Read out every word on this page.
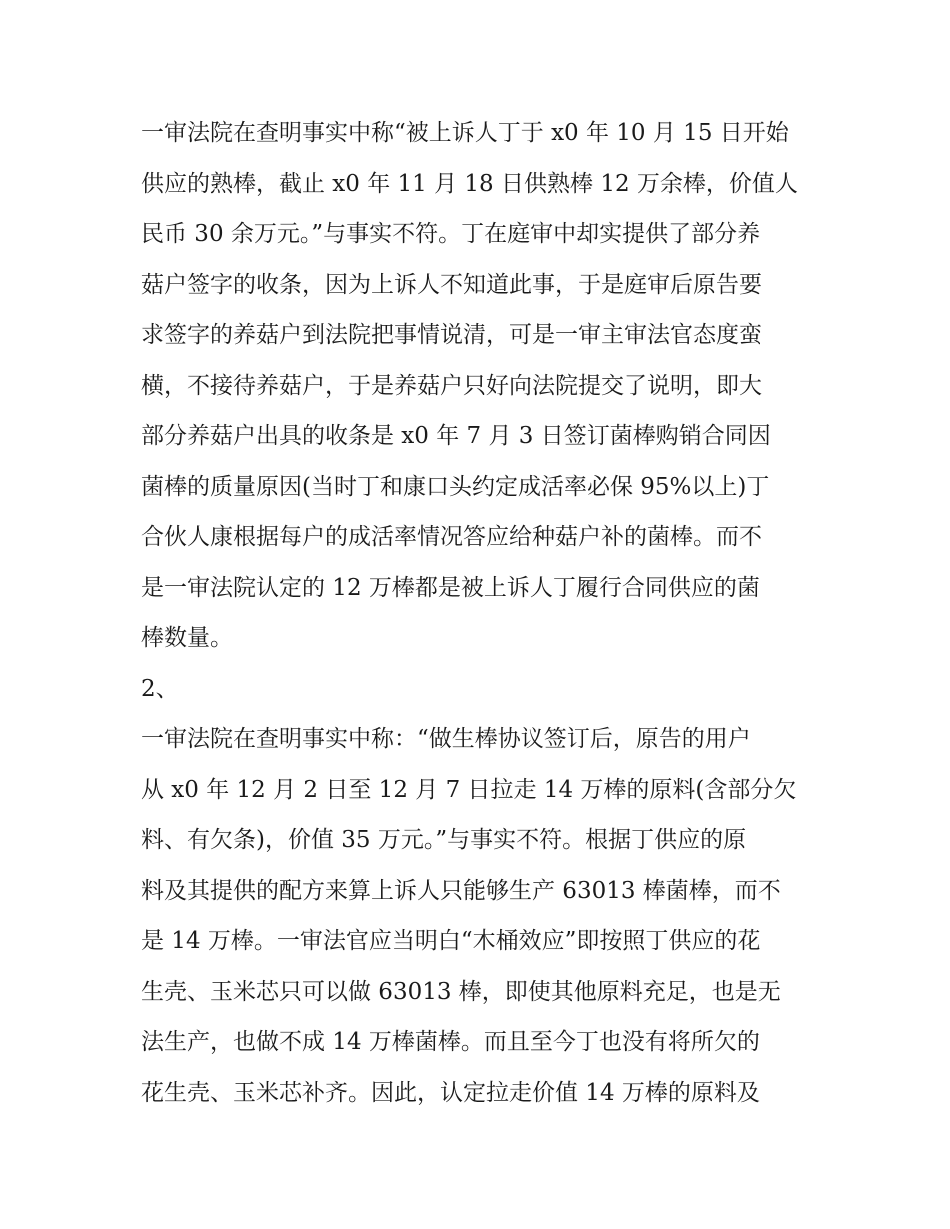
一审法院在查明事实中称“被上诉人丁于 x0 年 10 月 15 日开始
供应的熟棒，截止 x0 年 11 月 18 日供熟棒 12 万余棒，价值人
民币 30 余万元。”与事实不符。丁在庭审中却实提供了部分养
菇户签字的收条，因为上诉人不知道此事，于是庭审后原告要
求签字的养菇户到法院把事情说清，可是一审主审法官态度蛮
横，不接待养菇户，于是养菇户只好向法院提交了说明，即大
部分养菇户出具的收条是 x0 年 7 月 3 日签订菌棒购销合同因
菌棒的质量原因(当时丁和康口头约定成活率必保 95%以上)丁
合伙人康根据每户的成活率情况答应给种菇户补的菌棒。而不
是一审法院认定的 12 万棒都是被上诉人丁履行合同供应的菌
棒数量。
2、
一审法院在查明事实中称：“做生棒协议签订后，原告的用户
从 x0 年 12 月 2 日至 12 月 7 日拉走 14 万棒的原料(含部分欠
料、有欠条)，价值 35 万元。”与事实不符。根据丁供应的原
料及其提供的配方来算上诉人只能够生产 63013 棒菌棒，而不
是 14 万棒。一审法官应当明白“木桶效应”即按照丁供应的花
生壳、玉米芯只可以做 63013 棒，即使其他原料充足，也是无
法生产，也做不成 14 万棒菌棒。而且至今丁也没有将所欠的
花生壳、玉米芯补齐。因此，认定拉走价值 14 万棒的原料及
